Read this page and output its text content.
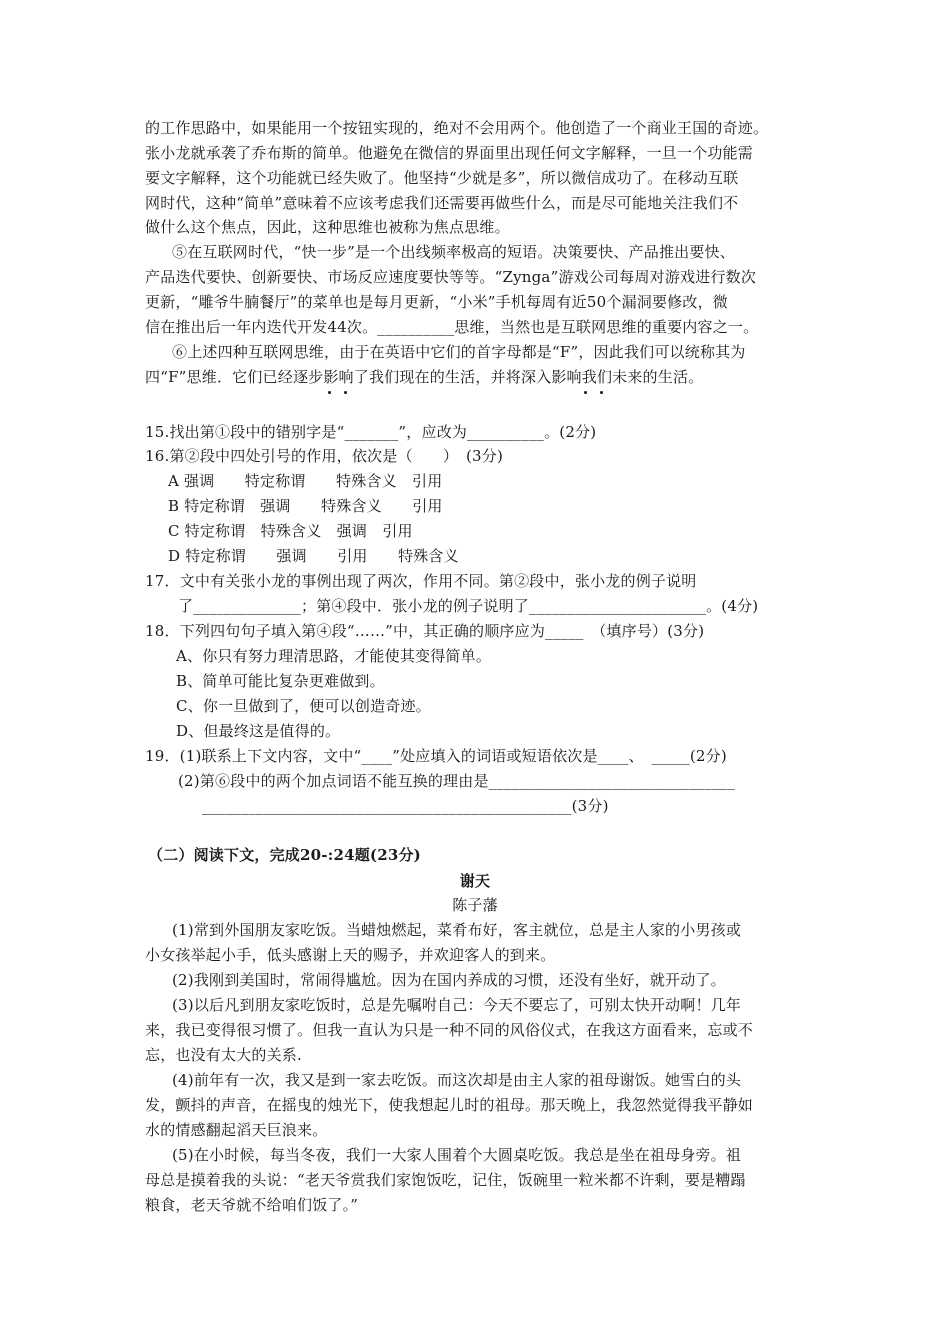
的工作思路中，如果能用一个按钮实现的，绝对不会用两个。他创造了一个商业王国的奇迹。
张小龙就承袭了乔布斯的简单。他避免在微信的界面里出现任何文字解释，一旦一个功能需
要文字解释，这个功能就已经失败了。他坚持“少就是多”，所以微信成功了。在移动互联
网时代，这种“简单”意味着不应该考虑我们还需要再做些什么，而是尽可能地关注我们不
做什么这个焦点，因此，这种思维也被称为焦点思维。
⑤在互联网时代，“快一步”是一个出线频率极高的短语。决策要快、产品推出要快、
产品迭代要快、创新要快、市场反应速度要快等等。“Zynga”游戏公司每周对游戏进行数次
更新，“雕爷牛腩餐厅”的菜单也是每月更新，“小米”手机每周有近50个漏洞要修改，微
信在推出后一年内迭代开发44次。__________思维，当然也是互联网思维的重要内容之一。
⑥上述四种互联网思维，由于在英语中它们的首字母都是“F”，因此我们可以统称其为
四“F”思维．它们已经逐步影响了我们现在的生活，并将深入影响我们未来的生活。
15.找出第①段中的错别字是“_______”，应改为__________。(2分)
16.第②段中四处引号的作用，依次是（　　）　(3分)
A 强调　　特定称谓　　特殊含义　引用
B 特定称谓　强调　　特殊含义　　引用
C 特定称谓　特殊含义　强调　引用
D 特定称谓　　强调　　引用　　特殊含义
17．文中有关张小龙的事例出现了两次，作用不同。第②段中，张小龙的例子说明
了______________；第④段中．张小龙的例子说明了_______________________。(4分)
18．下列四句句子填入第④段“……”中，其正确的顺序应为_____　（填序号）(3分)
A、你只有努力理清思路，才能使其变得简单。
B、简单可能比复杂更难做到。
C、你一旦做到了，便可以创造奇迹。
D、但最终这是值得的。
19．(1)联系上下文内容，文中“____”处应填入的词语或短语依次是____、　_____(2分)
(2)第⑥段中的两个加点词语不能互换的理由是________________________________
________________________________________________(3分)
（二）阅读下文，完成20-:24题(23分)
谢天
陈子藩
(1)常到外国朋友家吃饭。当蜡烛燃起，菜肴布好，客主就位，总是主人家的小男孩或
小女孩举起小手，低头感谢上天的赐予，并欢迎客人的到来。
(2)我刚到美国时，常闹得尴尬。因为在国内养成的习惯，还没有坐好，就开动了。
(3)以后凡到朋友家吃饭时，总是先嘱咐自己：今天不要忘了，可别太快开动啊！几年
来，我已变得很习惯了。但我一直认为只是一种不同的风俗仪式，在我这方面看来，忘或不
忘，也没有太大的关系.
(4)前年有一次，我又是到一家去吃饭。而这次却是由主人家的祖母谢饭。她雪白的头
发，颤抖的声音，在摇曳的烛光下，使我想起儿时的祖母。那天晚上，我忽然觉得我平静如
水的情感翻起滔天巨浪来。
(5)在小时候，每当冬夜，我们一大家人围着个大圆桌吃饭。我总是坐在祖母身旁。祖
母总是摸着我的头说：“老天爷赏我们家饱饭吃，记住，饭碗里一粒米都不许剩，要是糟蹋
粮食，老天爷就不给咱们饭了。”
